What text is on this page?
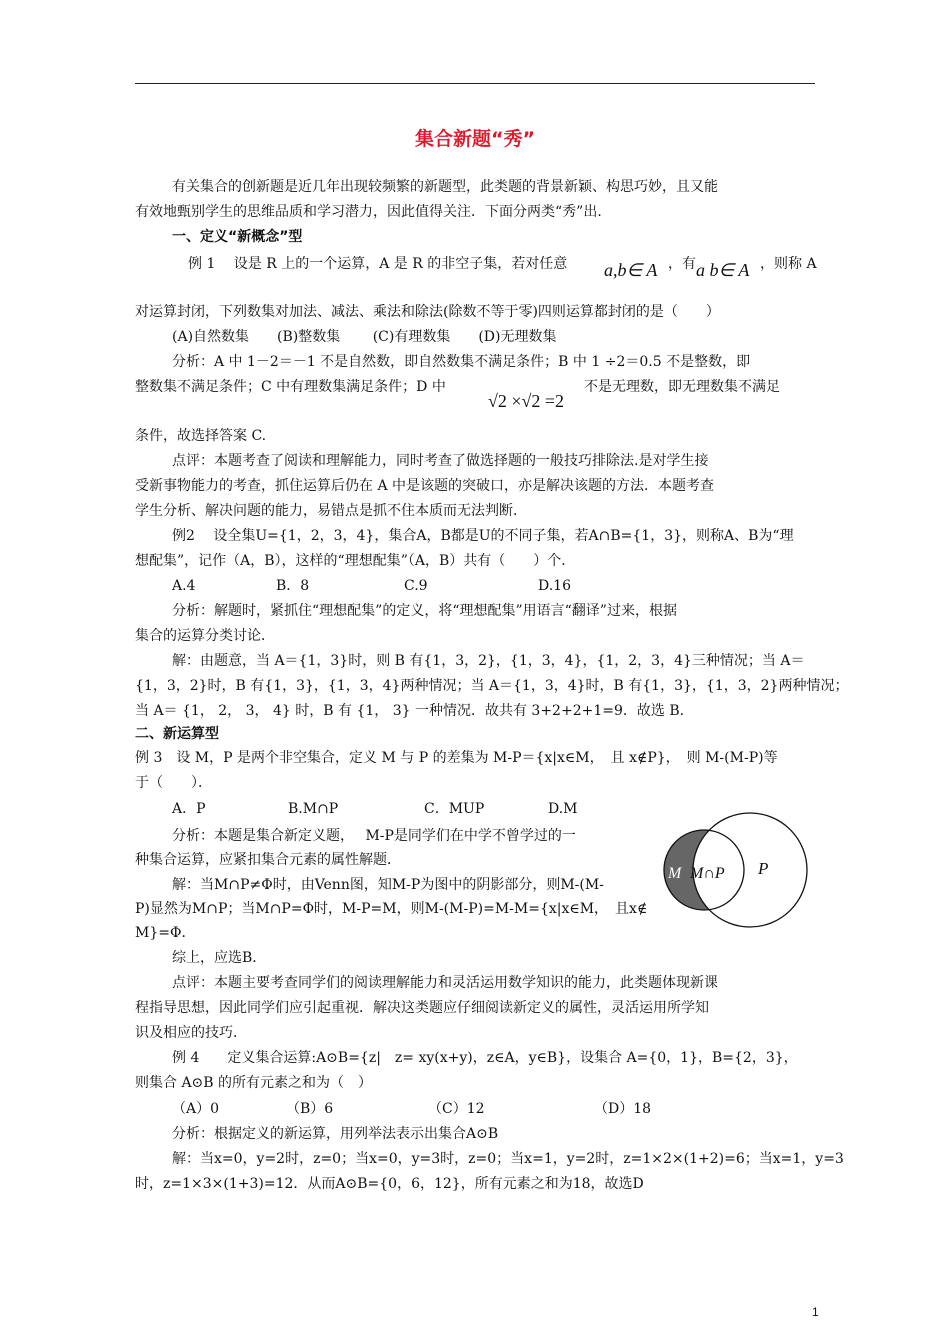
集合新题“秀”
有关集合的创新题是近几年出现较频繁的新题型，此类题的背景新颖、构思巧妙，且又能
有效地甄别学生的思维品质和学习潜力，因此值得关注．下面分两类“秀”出．
一、定义“新概念”型
例 1　 设是 R 上的一个运算，A 是 R 的非空子集，若对任意 a,b∈ A ，有 a b∈ A ，则称 A
对运算封闭，下列数集对加法、减法、乘法和除法(除数不等于零)四则运算都封闭的是（　　）
(A)自然数集　　(B)整数集　　 (C)有理数集　　(D)无理数集
分析：A 中 1－2＝－1 不是自然数，即自然数集不满足条件；B 中 1 ÷2＝0.5 不是整数，即
整数集不满足条件；C 中有理数集满足条件；D 中
√2 ×√2 =2
不是无理数，即无理数集不满足
条件，故选择答案 C.
点评：本题考查了阅读和理解能力，同时考查了做选择题的一般技巧排除法.是对学生接
受新事物能力的考查，抓住运算后仍在 A 中是该题的突破口，亦是解决该题的方法．本题考查
学生分析、解决问题的能力，易错点是抓不住本质而无法判断．
例2　 设全集U={1，2，3，4}，集合A，B都是U的不同子集，若A∩B={1，3}，则称A、B为“理
想配集”，记作（A，B），这样的“理想配集”（A，B）共有（　　）个．
A.4	B．8	C.9	D.16
分析：解题时，紧抓住“理想配集”的定义，将“理想配集”用语言“翻译”过来，根据
集合的运算分类讨论．
解：由题意，当 A＝{1，3}时，则 B 有{1，3，2}，{1，3，4}，{1，2，3，4}三种情况；当 A＝
{1，3，2}时，B 有{1，3}，{1，3，4}两种情况；当 A＝{1，3，4}时，B 有{1，3}，{1，3，2}两种情况；
当 A＝ {1， 2， 3， 4} 时，B 有 {1， 3} 一种情况．故共有 3+2+2+1=9．故选 B.
二、新运算型
例 3　设 M，P 是两个非空集合，定义 M 与 P 的差集为 M-P＝{x|x∈M，　且 x∉P}，　则 M-(M-P)等
于（　　）．
A．P	B.M∩P	C．MUP	D.M
分析：本题是集合新定义题，　 M-P是同学们在中学不曾学过的一
种集合运算，应紧扣集合元素的属性解题．
解：当M∩P≠Φ时，由Venn图，知M-P为图中的阴影部分，则M-(M-
P)显然为M∩P；当M∩P=Φ时，M-P=M，则M-(M-P)=M-M={x|x∈M，　且x∉
M}=Φ．
综上，应选B．
点评：本题主要考查同学们的阅读理解能力和灵活运用数学知识的能力，此类题体现新课
程指导思想，因此同学们应引起重视．解决这类题应仔细阅读新定义的属性，灵活运用所学知
识及相应的技巧．
M M∩P P
例 4　　定义集合运算:A⊙B={z|　z= xy(x+y)，z∈A，y∈B}，设集合 A={0，1}，B={2，3}，
则集合 A⊙B 的所有元素之和为（　）
（A）0	（B）6	（C）12	（D）18
分析：根据定义的新运算，用列举法表示出集合A⊙B
解：当x=0，y=2时，z=0；当x=0，y=3时，z=0；当x=1，y=2时，z=1×2×(1+2)=6；当x=1，y=3
时，z=1×3×(1+3)=12．从而A⊙B={0，6，12}，所有元素之和为18，故选D
1
